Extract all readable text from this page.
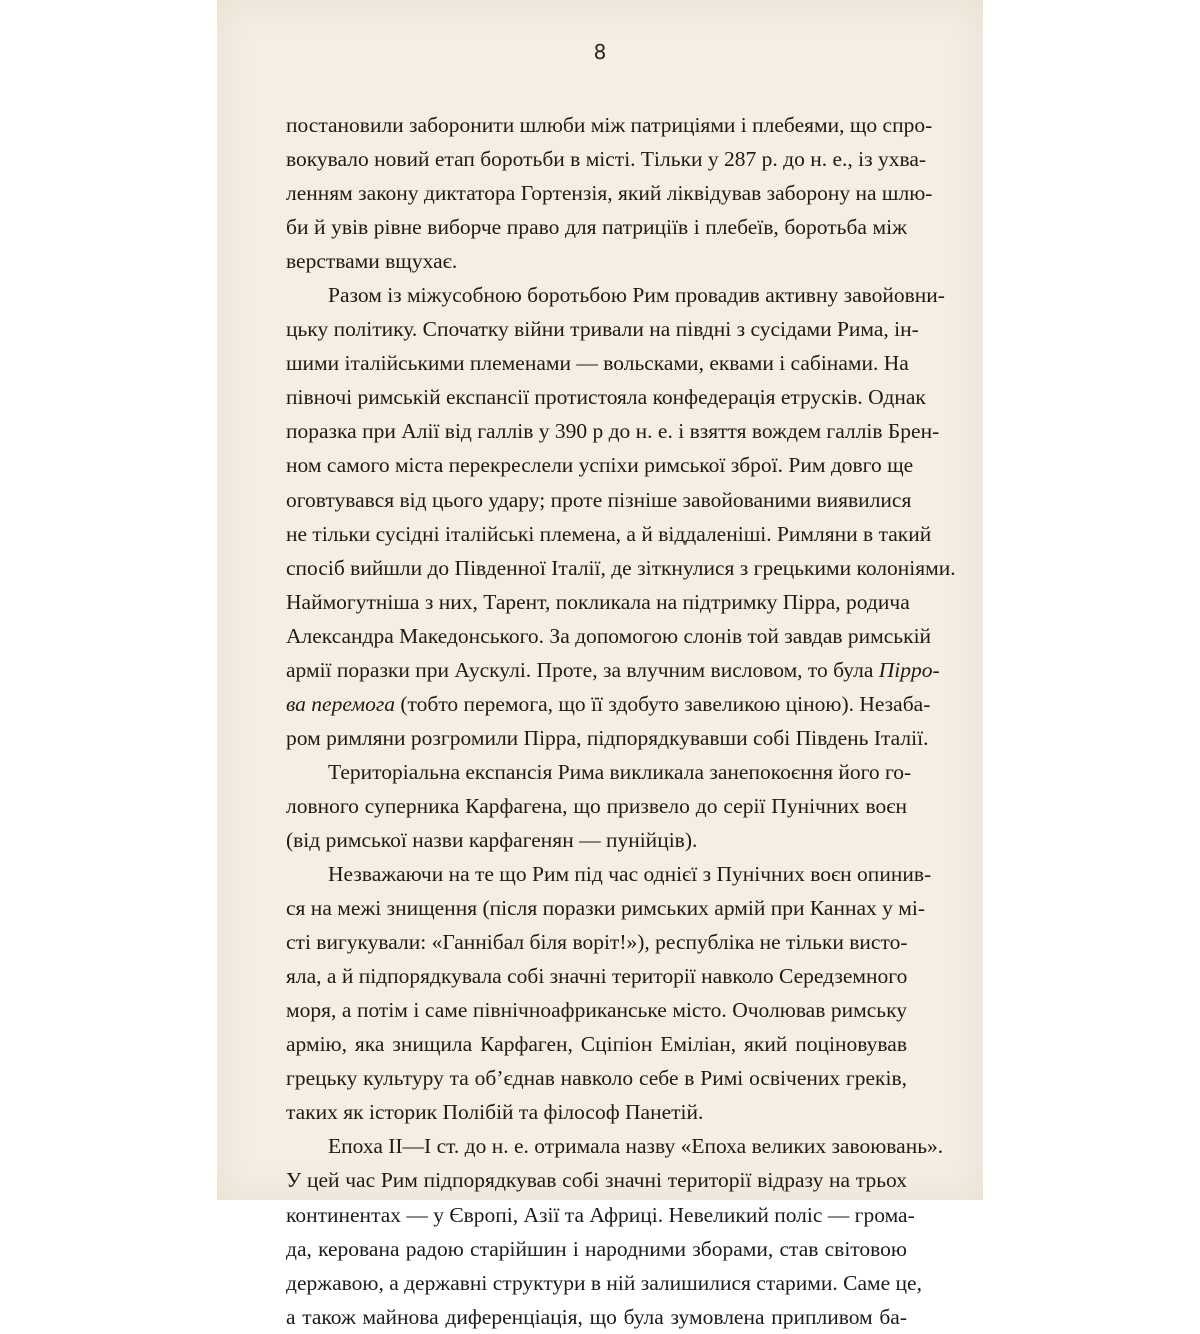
8
постановили заборонити шлюби між патриціями і плебеями, що спро-
вокувало новий етап боротьби в місті. Тільки у 287 р. до н. е., із ухва-
ленням закону диктатора Гортензія, який ліквідував заборону на шлю-
би й увів рівне виборче право для патриціїв і плебеїв, боротьба між
верствами вщухає.
Разом із міжусобною боротьбою Рим провадив активну завойовни-
цьку політику. Спочатку війни тривали на півдні з сусідами Рима, ін-
шими італійськими племенами — вольсками, еквами і сабінами. На
півночі римській експансії протистояла конфедерація етрусків. Однак
поразка при Алії від галлів у 390 р до н. е. і взяття вождем галлів Брен-
ном самого міста перекреслели успіхи римської зброї. Рим довго ще
оговтувався від цього удару; проте пізніше завойованими виявилися
не тільки сусідні італійські племена, а й віддаленіші. Римляни в такий
спосіб вийшли до Південної Італії, де зіткнулися з грецькими колоніями.
Наймогутніша з них, Тарент, покликала на підтримку Пірра, родича
Александра Македонського. За допомогою слонів той завдав римській
армії поразки при Аускулі. Проте, за влучним висловом, то була Пірро-
ва перемога (тобто перемога, що її здобуто завеликою ціною). Незаба-
ром римляни розгромили Пірра, підпорядкувавши собі Південь Італії.
Територіальна експансія Рима викликала занепокоєння його го-
ловного суперника Карфагена, що призвело до серії Пунічних воєн
(від римської назви карфагенян — пунійців).
Незважаючи на те що Рим під час однієї з Пунічних воєн опинив-
ся на межі знищення (після поразки римських армій при Каннах у мі-
сті вигукували: «Ганнібал біля воріт!»), республіка не тільки висто-
яла, а й підпорядкувала собі значні території навколо Середземного
моря, а потім і саме північноафриканське місто. Очолював римську
армію, яка знищила Карфаген, Сціпіон Еміліан, який поціновував
грецьку культуру та об’єднав навколо себе в Римі освічених греків,
таких як історик Полібій та філософ Панетій.
Епоха II—I ст. до н. е. отримала назву «Епоха великих завоювань».
У цей час Рим підпорядкував собі значні території відразу на трьох
континентах — у Європі, Азії та Африці. Невеликий поліс — грома-
да, керована радою старійшин і народними зборами, став світовою
державою, а державні структури в ній залишилися старими. Саме це,
а також майнова диференціація, що була зумовлена припливом ба-
